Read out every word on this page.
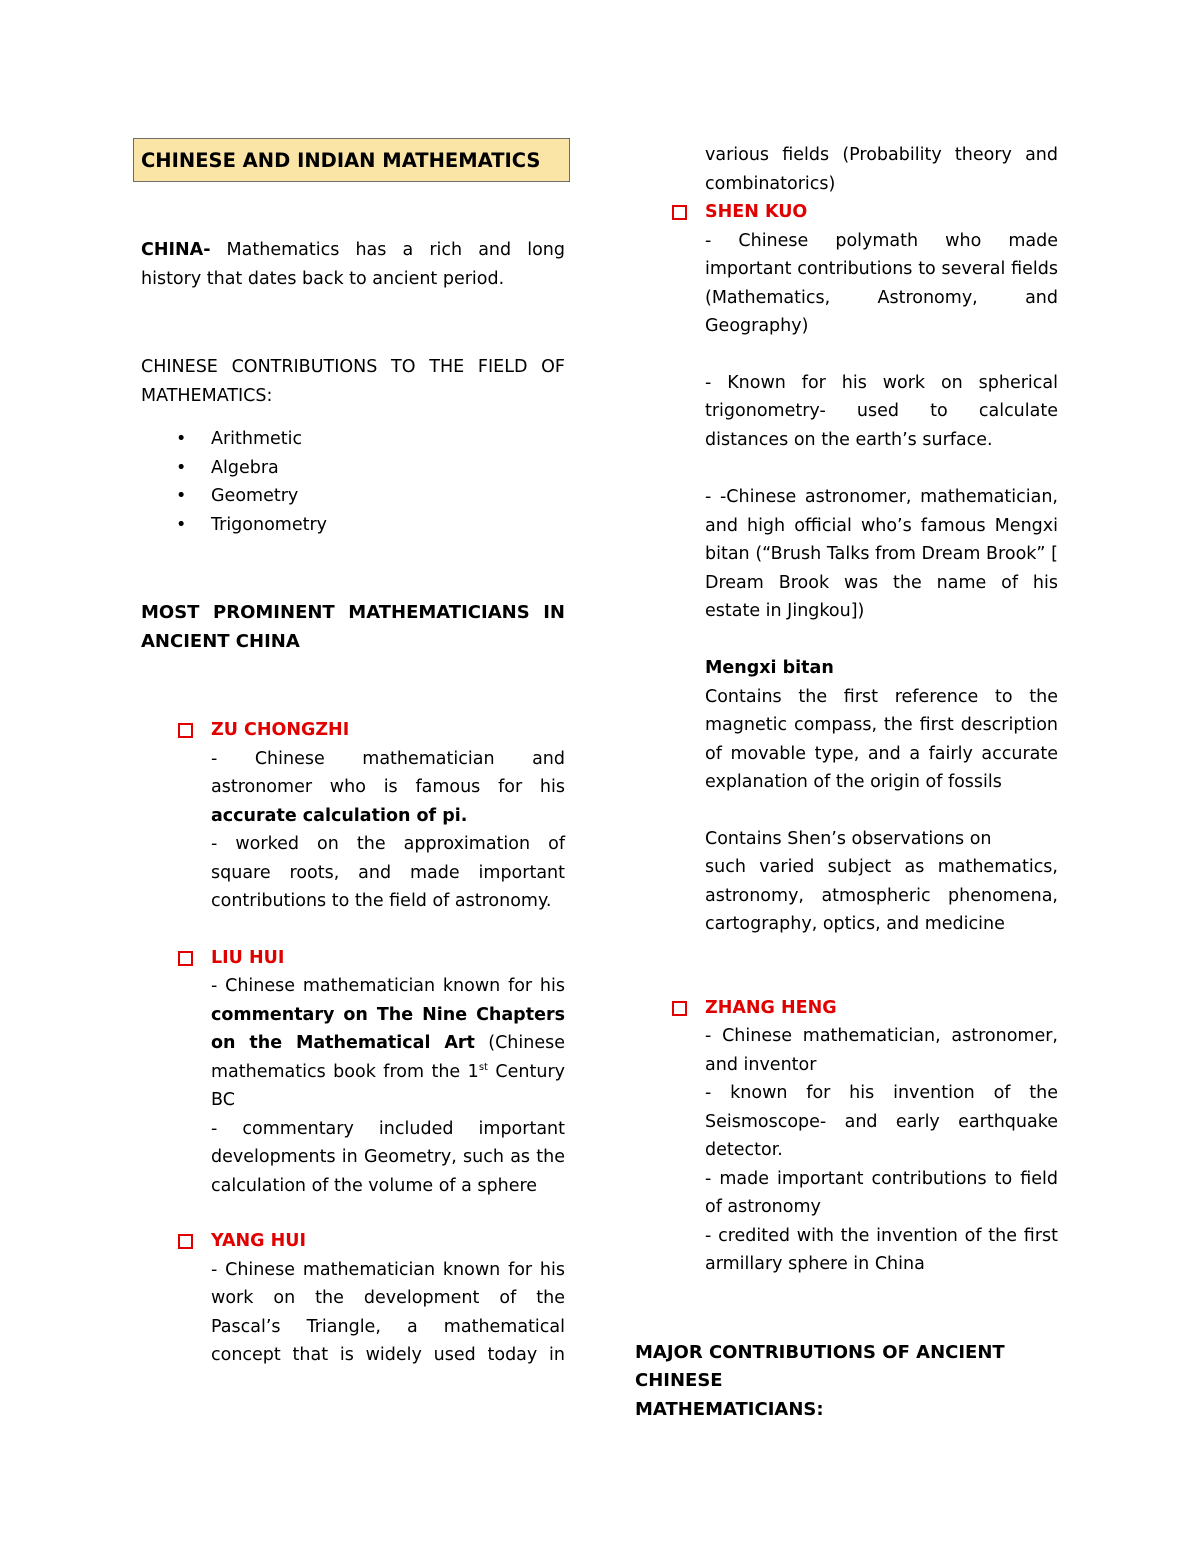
CHINESE AND INDIAN MATHEMATICS

CHINA- Mathematics has a rich and long history that dates back to ancient period.

CHINESE CONTRIBUTIONS TO THE FIELD OF

MATHEMATICS:

• Arithmetic
• Algebra
• Geometry
• Trigonometry

MOST PROMINENT MATHEMATICIANS IN

ANCIENT CHINA

ZU CHONGZHI

- Chinese mathematician and astronomer who is famous for his accurate calculation of pi.

- worked on the approximation of square roots, and made important contributions to the field of astronomy.

LIU HUI

- Chinese mathematician known for his commentary on The Nine Chapters on the Mathematical Art (Chinese mathematics book from the 1st Century BC

- commentary included important developments in Geometry, such as the calculation of the volume of a sphere

YANG HUI

- Chinese mathematician known for his work on the development of the Pascal’s Triangle, a mathematical concept that is widely used today in

various fields (Probability theory and combinatorics)

SHEN KUO

- Chinese polymath who made important contributions to several fields (Mathematics, Astronomy, and Geography)

- Known for his work on spherical trigonometry- used to calculate distances on the earth’s surface.

- -Chinese astronomer, mathematician, and high official who’s famous Mengxi bitan (“Brush Talks from Dream Brook” [ Dream Brook was the name of his estate in Jingkou])

Mengxi bitan

Contains the first reference to the magnetic compass, the first description of movable type, and a fairly accurate explanation of the origin of fossils

Contains Shen’s observations on

such varied subject as mathematics, astronomy, atmospheric phenomena, cartography, optics, and medicine

ZHANG HENG

- Chinese mathematician, astronomer, and inventor

- known for his invention of the Seismoscope- and early earthquake detector.

- made important contributions to field of astronomy

- credited with the invention of the first armillary sphere in China

MAJOR CONTRIBUTIONS OF ANCIENT CHINESE

MATHEMATICIANS:
